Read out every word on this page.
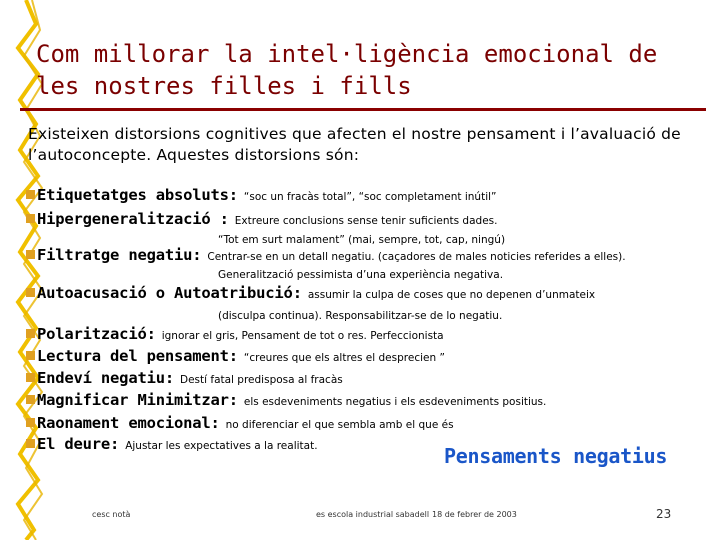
Com millorar la intel·ligència emocional de les nostres filles i fills
Existeixen distorsions cognitives que afecten el nostre pensament i l’avaluació de l’autoconcepte. Aquestes distorsions són:
Etiquetatges absoluts: “soc un fracàs total”, “soc completament inútil”
Hipergeneralització : Extreure conclusions sense tenir suficients dades.
“Tot em surt malament” (mai, sempre, tot, cap, ningú)
Filtratge negatiu: Centrar-se en un detall negatiu. (caçadores de males noticies referides a elles).
Generalització pessimista d’una experiència negativa.
Autoacusació o Autoatribució: assumir la culpa de coses que no depenen d’unmateix
(disculpa continua). Responsabilitzar-se de lo negatiu.
Polarització: ignorar el gris, Pensament de tot o res. Perfeccionista
Lectura del pensament: “creures que els altres el desprecien ”
Endeví negatiu: Destí fatal predisposa al fracàs
Magnificar Minimitzar: els esdeveniments negatius i els esdeveniments positius.
Raonament emocional: no diferenciar el que sembla amb el que és
El deure: Ajustar les expectatives a la realitat.	Pensaments negatius
cesc notà	es escola industrial sabadell 18 de febrer de 2003	23
